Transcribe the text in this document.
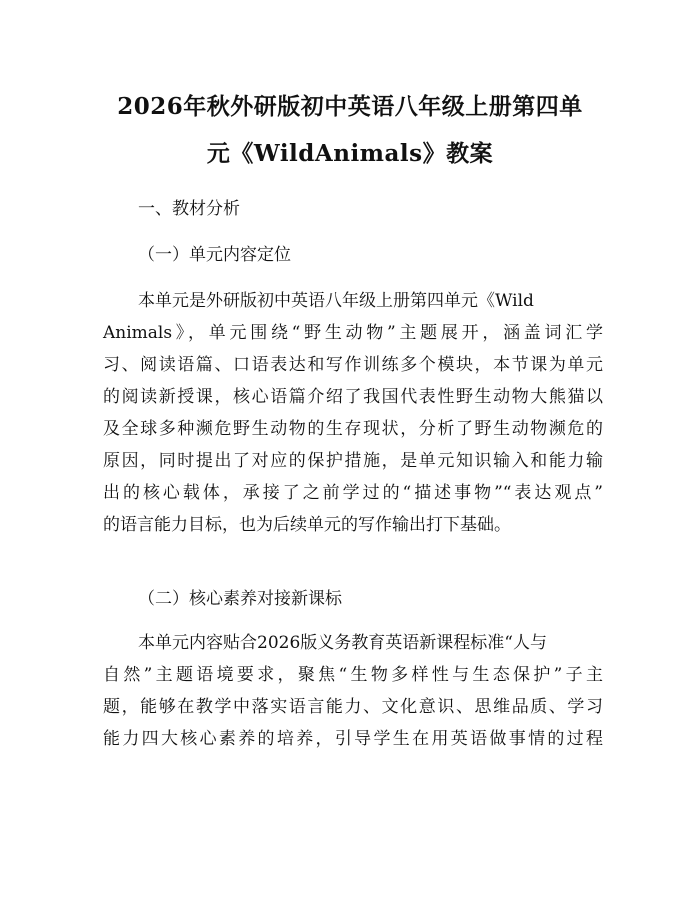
2026年秋外研版初中英语八年级上册第四单
元《WildAnimals》教案
一、教材分析
（一）单元内容定位
本单元是外研版初中英语八年级上册第四单元《Wild
Animals》，单元围绕“野生动物”主题展开，涵盖词汇学
习、阅读语篇、口语表达和写作训练多个模块，本节课为单元
的阅读新授课，核心语篇介绍了我国代表性野生动物大熊猫以
及全球多种濒危野生动物的生存现状，分析了野生动物濒危的
原因，同时提出了对应的保护措施，是单元知识输入和能力输
出的核心载体，承接了之前学过的“描述事物”“表达观点”
的语言能力目标，也为后续单元的写作输出打下基础。
（二）核心素养对接新课标
本单元内容贴合2026版义务教育英语新课程标准“人与
自然”主题语境要求，聚焦“生物多样性与生态保护”子主
题，能够在教学中落实语言能力、文化意识、思维品质、学习
能力四大核心素养的培养，引导学生在用英语做事情的过程
